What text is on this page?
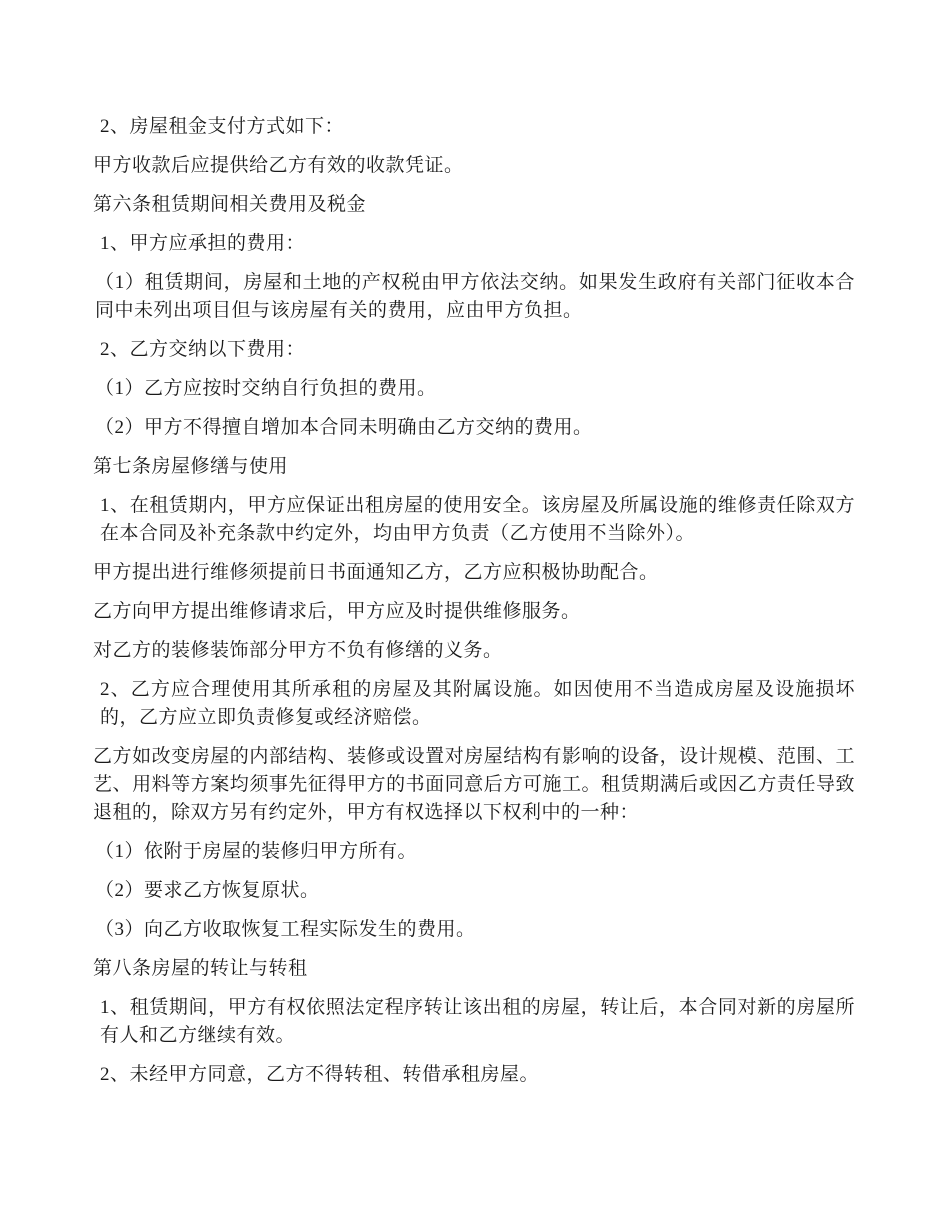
2、房屋租金支付方式如下：

甲方收款后应提供给乙方有效的收款凭证。

第六条租赁期间相关费用及税金

1、甲方应承担的费用：

（1）租赁期间，房屋和土地的产权税由甲方依法交纳。如果发生政府有关部门征收本合同中未列出项目但与该房屋有关的费用，应由甲方负担。

2、乙方交纳以下费用：

（1）乙方应按时交纳自行负担的费用。

（2）甲方不得擅自增加本合同未明确由乙方交纳的费用。

第七条房屋修缮与使用

1、在租赁期内，甲方应保证出租房屋的使用安全。该房屋及所属设施的维修责任除双方在本合同及补充条款中约定外，均由甲方负责（乙方使用不当除外）。

甲方提出进行维修须提前日书面通知乙方，乙方应积极协助配合。

乙方向甲方提出维修请求后，甲方应及时提供维修服务。

对乙方的装修装饰部分甲方不负有修缮的义务。

2、乙方应合理使用其所承租的房屋及其附属设施。如因使用不当造成房屋及设施损坏的，乙方应立即负责修复或经济赔偿。

乙方如改变房屋的内部结构、装修或设置对房屋结构有影响的设备，设计规模、范围、工艺、用料等方案均须事先征得甲方的书面同意后方可施工。租赁期满后或因乙方责任导致退租的，除双方另有约定外，甲方有权选择以下权利中的一种：

（1）依附于房屋的装修归甲方所有。

（2）要求乙方恢复原状。

（3）向乙方收取恢复工程实际发生的费用。

第八条房屋的转让与转租

1、租赁期间，甲方有权依照法定程序转让该出租的房屋，转让后，本合同对新的房屋所有人和乙方继续有效。

2、未经甲方同意，乙方不得转租、转借承租房屋。
